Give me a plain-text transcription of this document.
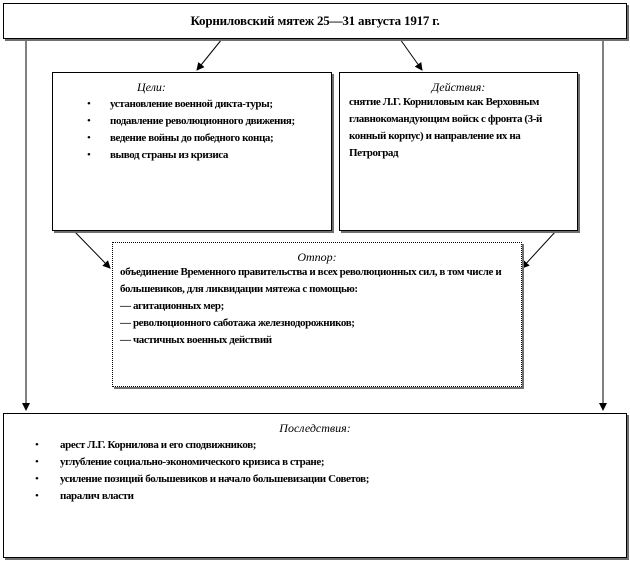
Корниловский мятеж 25—31 августа 1917 г.
Цели:
• установление военной дикта-туры;
• подавление революционного движения;
• ведение войны до победного конца;
• вывод страны из кризиса
Действия:
снятие Л.Г. Корниловым как Верховным главнокомандующим войск с фронта (3-й конный корпус) и направление их на Петроград
Отпор:
объединение Временного правительства и всех революционных сил, в том числе и большевиков, для ликвидации мятежа с помощью:
— агитационных мер;
— революционного саботажа железнодорожников;
— частичных военных действий
Последствия:
• арест Л.Г. Корнилова и его сподвижников;
• углубление социально-экономического кризиса в стране;
• усиление позиций большевиков и начало большевизации Советов;
• паралич власти
